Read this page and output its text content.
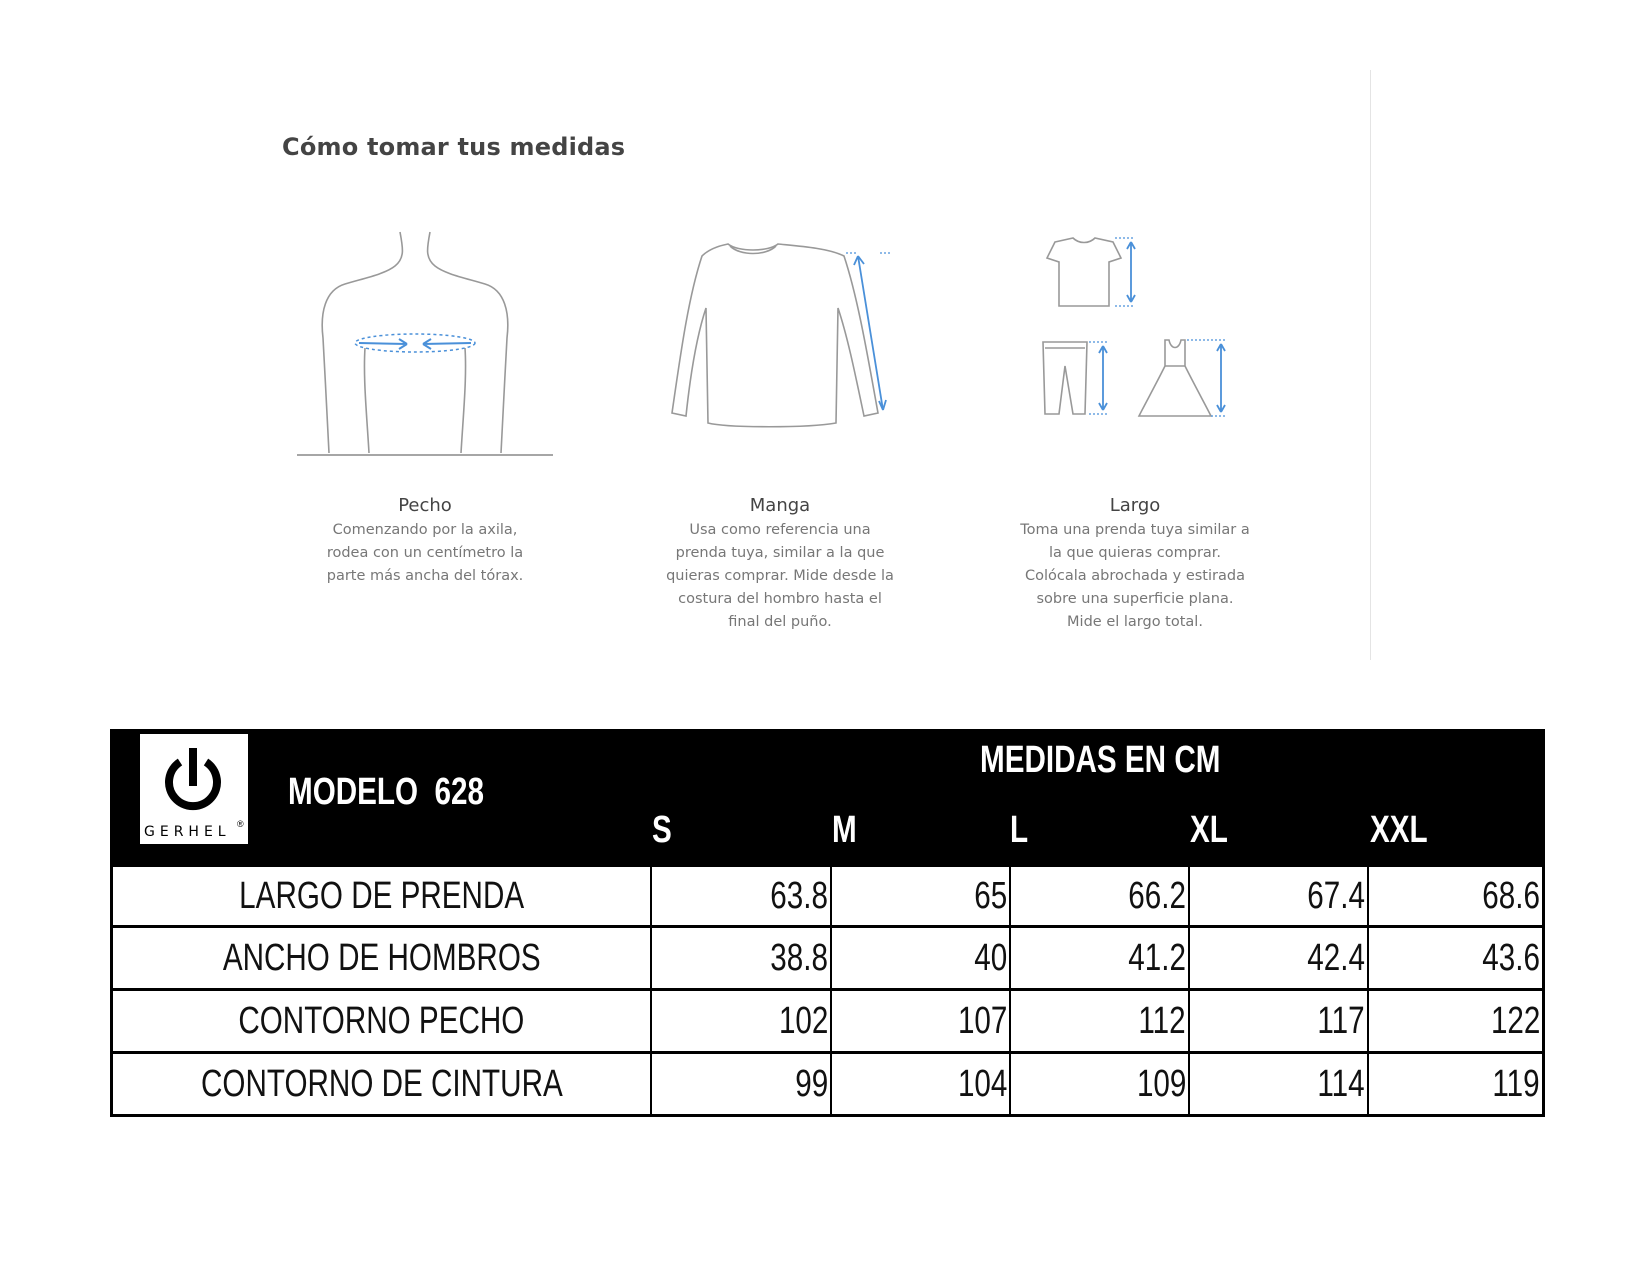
Cómo tomar tus medidas
Pecho
Comenzando por la axila,
rodea con un centímetro la
parte más ancha del tórax.
Manga
Usa como referencia una
prenda tuya, similar a la que
quieras comprar. Mide desde la
costura del hombro hasta el
final del puño.
Largo
Toma una prenda tuya similar a
la que quieras comprar.
Colócala abrochada y estirada
sobre una superficie plana.
Mide el largo total.
GERHEL ®
MODELO  628
MEDIDAS EN CM
S	M	L	XL	XXL
LARGO DE PRENDA	63.8	65	66.2	67.4	68.6
ANCHO DE HOMBROS	38.8	40	41.2	42.4	43.6
CONTORNO PECHO	102	107	112	117	122
CONTORNO DE CINTURA	99	104	109	114	119
